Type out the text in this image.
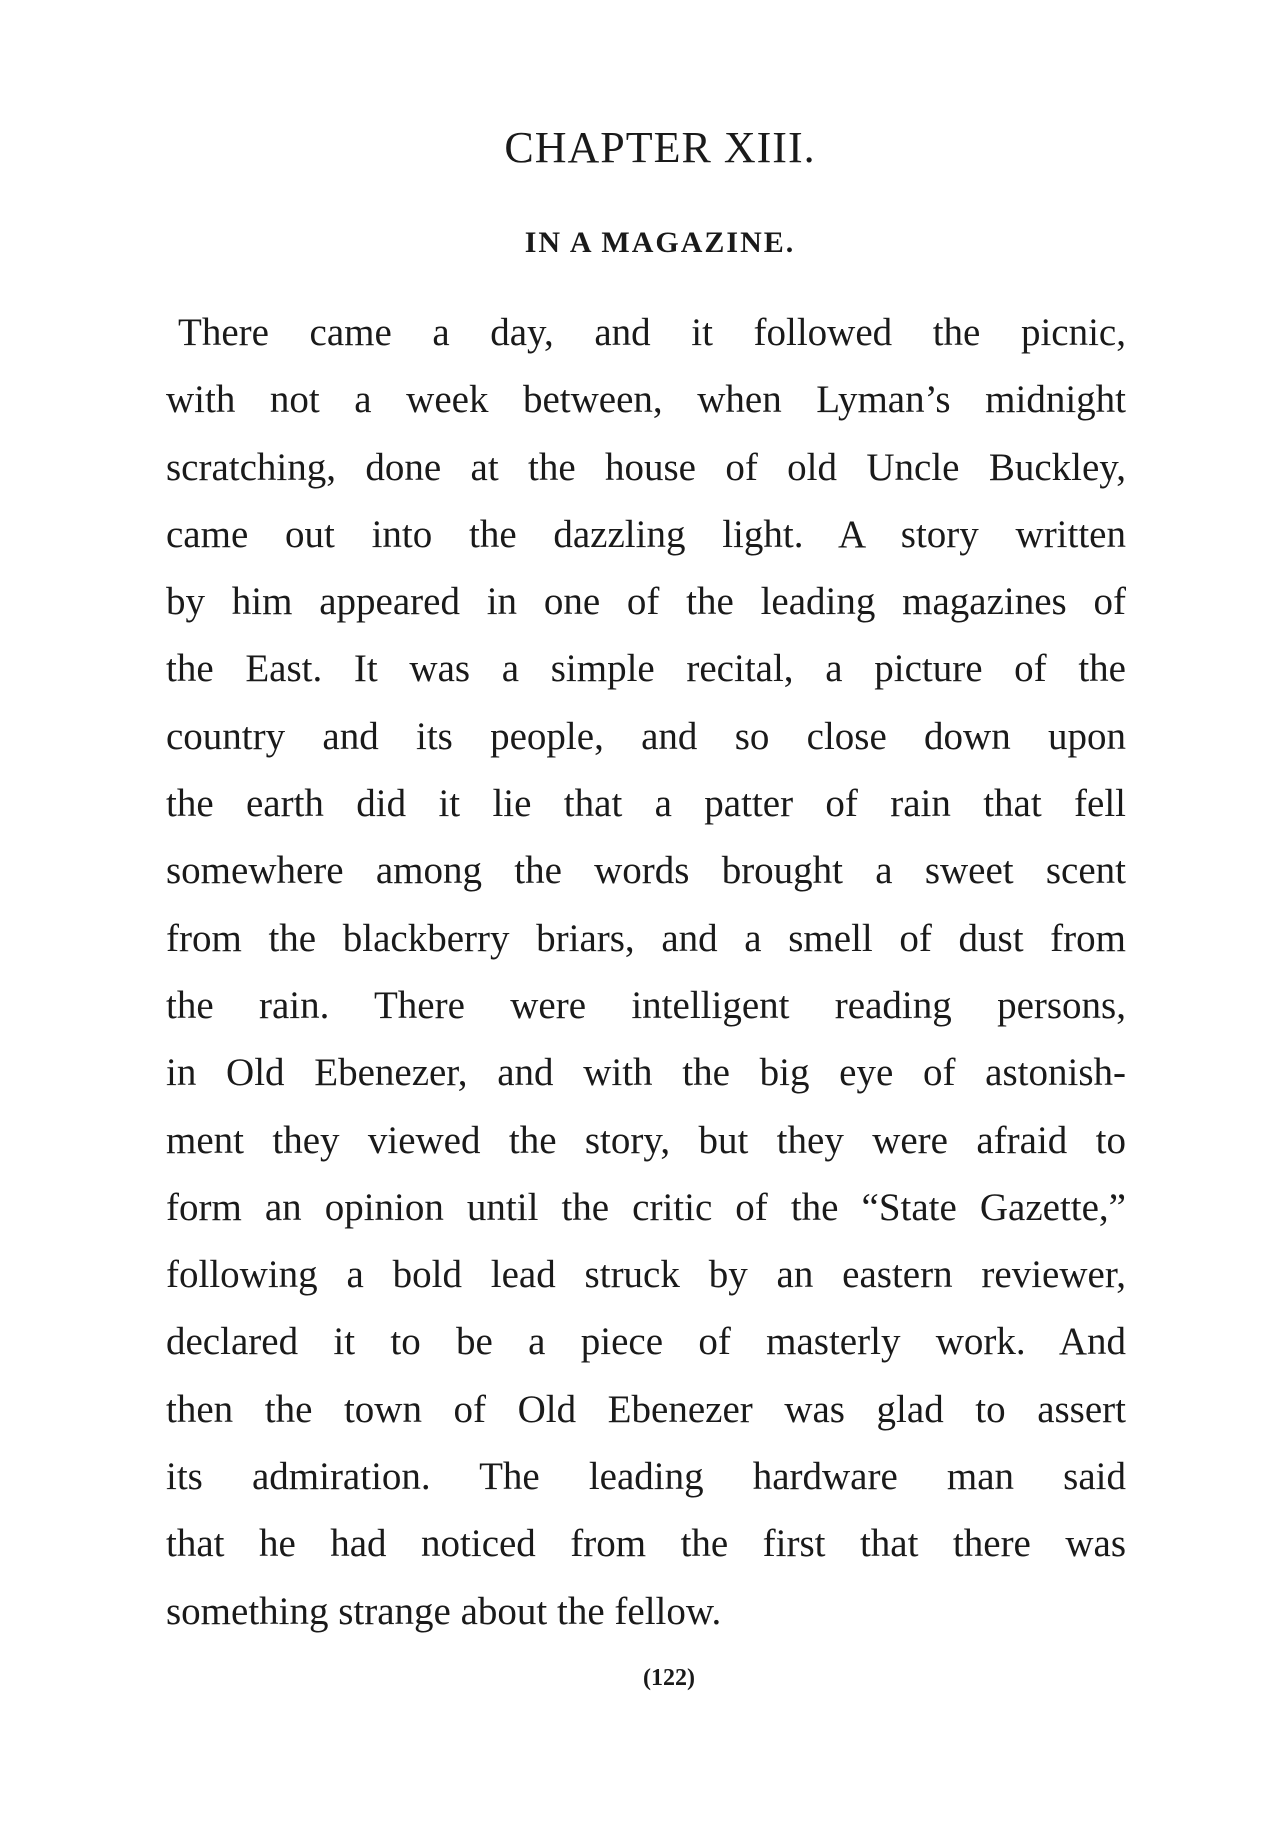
CHAPTER XIII.
IN A MAGAZINE.
There came a day, and it followed the picnic,
with not a week between, when Lyman’s midnight
scratching, done at the house of old Uncle Buckley,
came out into the dazzling light. A story written
by him appeared in one of the leading magazines of
the East. It was a simple recital, a picture of the
country and its people, and so close down upon
the earth did it lie that a patter of rain that fell
somewhere among the words brought a sweet scent
from the blackberry briars, and a smell of dust from
the rain. There were intelligent reading persons,
in Old Ebenezer, and with the big eye of astonish-
ment they viewed the story, but they were afraid to
form an opinion until the critic of the “State Gazette,”
following a bold lead struck by an eastern reviewer,
declared it to be a piece of masterly work. And
then the town of Old Ebenezer was glad to assert
its admiration. The leading hardware man said
that he had noticed from the first that there was
something strange about the fellow.
(122)
